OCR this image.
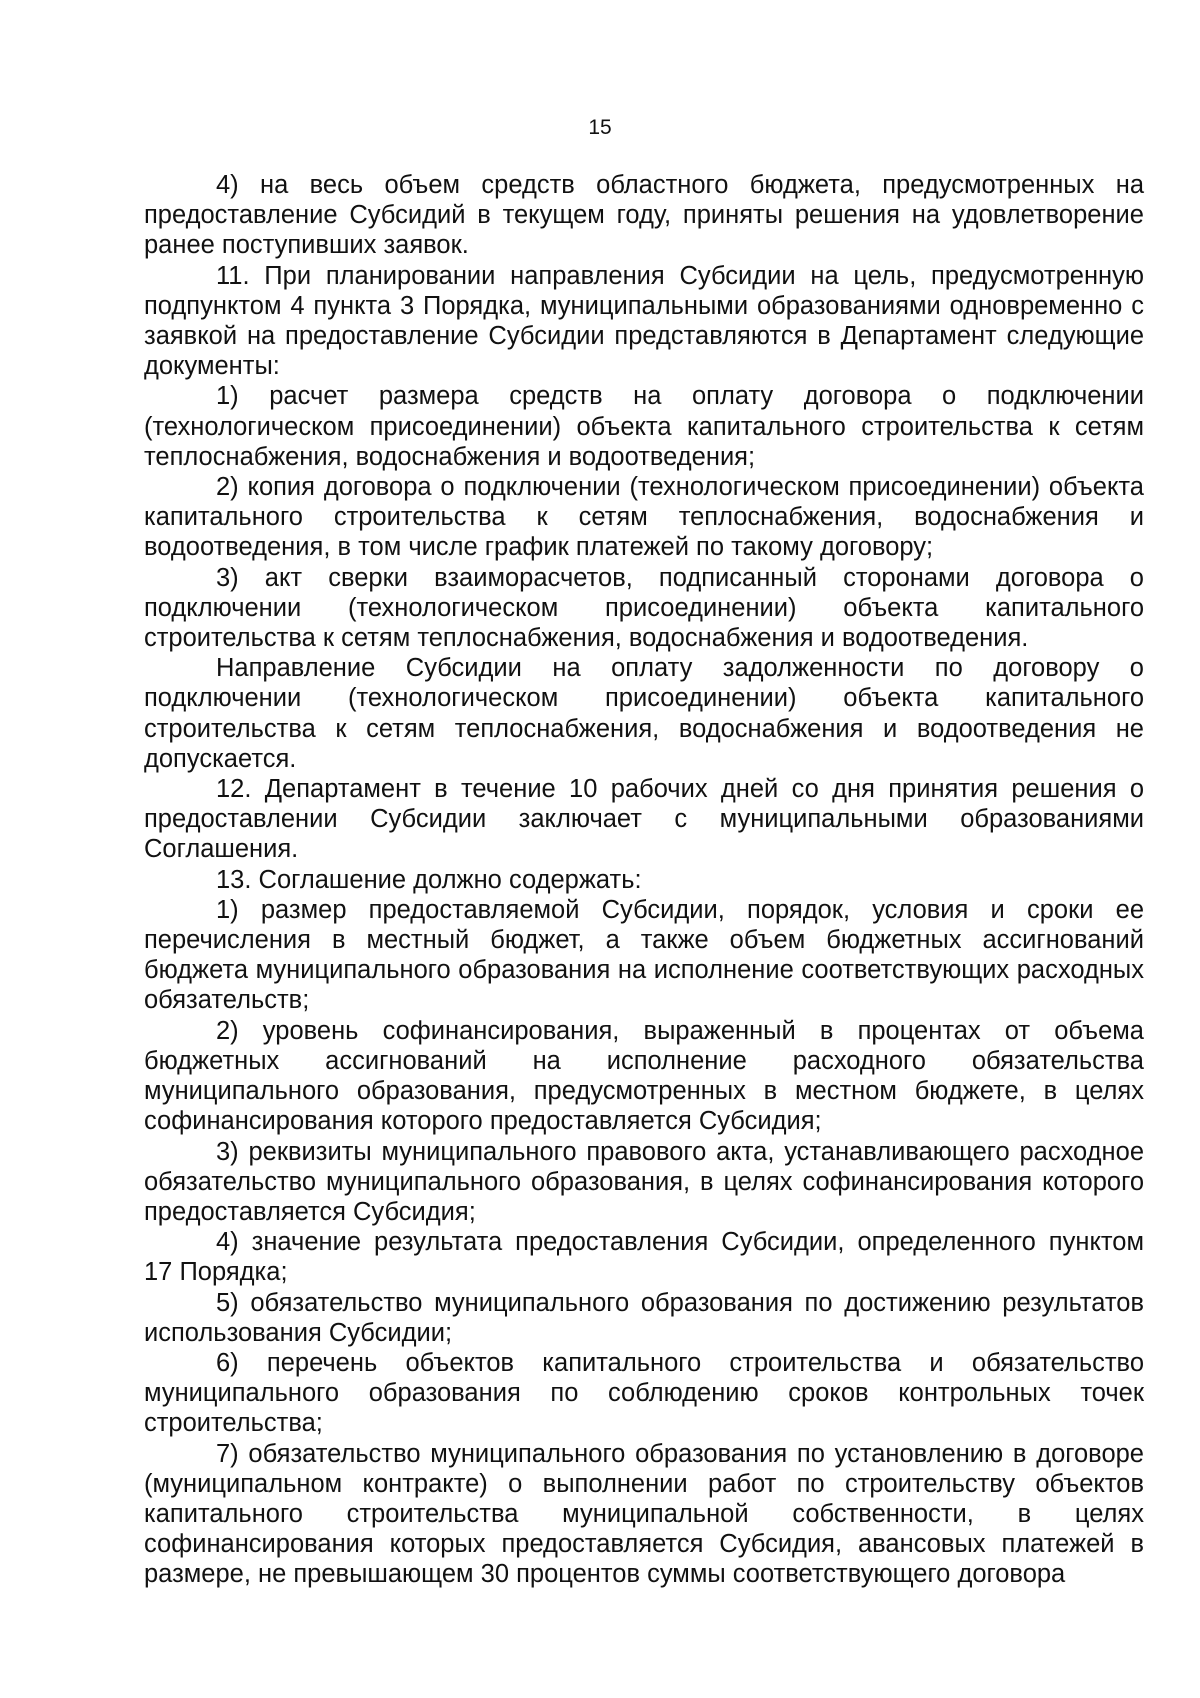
15

4) на весь объем средств областного бюджета, предусмотренных на предоставление Субсидий в текущем году, приняты решения на удовлетворение ранее поступивших заявок.

11. При планировании направления Субсидии на цель, предусмотренную подпунктом 4 пункта 3 Порядка, муниципальными образованиями одновременно с заявкой на предоставление Субсидии представляются в Департамент следующие документы:

1) расчет размера средств на оплату договора о подключении (технологическом присоединении) объекта капитального строительства к сетям теплоснабжения, водоснабжения и водоотведения;

2) копия договора о подключении (технологическом присоединении) объекта капитального строительства к сетям теплоснабжения, водоснабжения и водоотведения, в том числе график платежей по такому договору;

3) акт сверки взаиморасчетов, подписанный сторонами договора о подключении (технологическом присоединении) объекта капитального строительства к сетям теплоснабжения, водоснабжения и водоотведения.

Направление Субсидии на оплату задолженности по договору о подключении (технологическом присоединении) объекта капитального строительства к сетям теплоснабжения, водоснабжения и водоотведения не допускается.

12. Департамент в течение 10 рабочих дней со дня принятия решения о предоставлении Субсидии заключает с муниципальными образованиями Соглашения.

13. Соглашение должно содержать:

1) размер предоставляемой Субсидии, порядок, условия и сроки ее перечисления в местный бюджет, а также объем бюджетных ассигнований бюджета муниципального образования на исполнение соответствующих расходных обязательств;

2) уровень софинансирования, выраженный в процентах от объема бюджетных ассигнований на исполнение расходного обязательства муниципального образования, предусмотренных в местном бюджете, в целях софинансирования которого предоставляется Субсидия;

3) реквизиты муниципального правового акта, устанавливающего расходное обязательство муниципального образования, в целях софинансирования которого предоставляется Субсидия;

4) значение результата предоставления Субсидии, определенного пунктом 17 Порядка;

5) обязательство муниципального образования по достижению результатов использования Субсидии;

6) перечень объектов капитального строительства и обязательство муниципального образования по соблюдению сроков контрольных точек строительства;

7) обязательство муниципального образования по установлению в договоре (муниципальном контракте) о выполнении работ по строительству объектов капитального строительства муниципальной собственности, в целях софинансирования которых предоставляется Субсидия, авансовых платежей в размере, не превышающем 30 процентов суммы соответствующего договора
